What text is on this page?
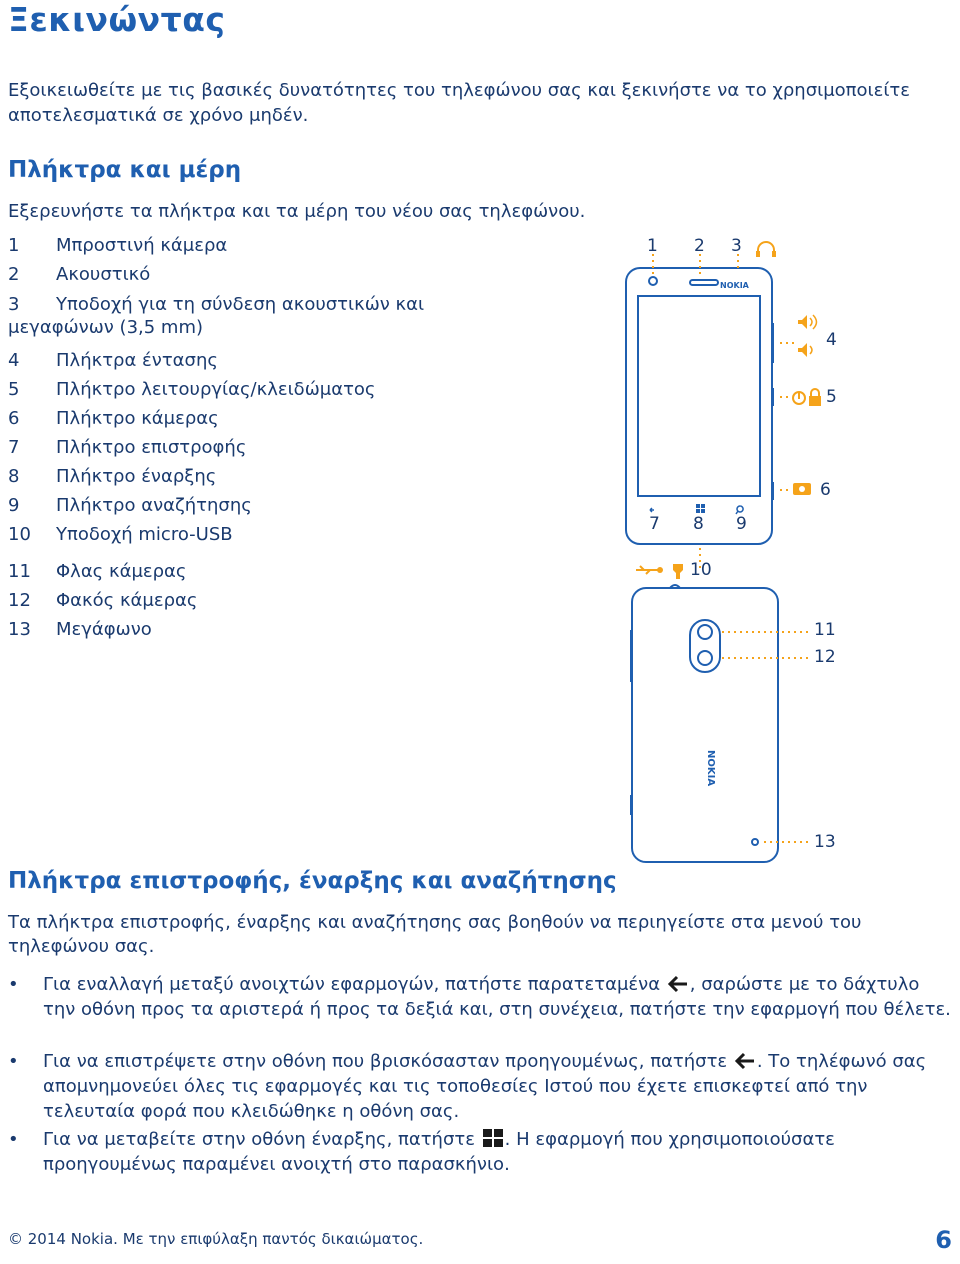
Ξεκινώντας
Εξοικειωθείτε με τις βασικές δυνατότητες του τηλεφώνου σας και ξεκινήστε να το χρησιμοποιείτε αποτελεσματικά σε χρόνο μηδέν.
Πλήκτρα και μέρη
Εξερευνήστε τα πλήκτρα και τα μέρη του νέου σας τηλεφώνου.
1 Μπροστινή κάμερα
2 Ακουστικό
3 Υποδοχή για τη σύνδεση ακουστικών και μεγαφώνων (3,5 mm)
4 Πλήκτρα έντασης
5 Πλήκτρο λειτουργίας/κλειδώματος
6 Πλήκτρο κάμερας
7 Πλήκτρο επιστροφής
8 Πλήκτρο έναρξης
9 Πλήκτρο αναζήτησης
10 Υποδοχή micro-USB
11 Φλας κάμερας
12 Φακός κάμερας
13 Μεγάφωνο
NOKIA
NOKIA
1 2 3
4
5
6
7 8 9
10
11
12
13
Πλήκτρα επιστροφής, έναρξης και αναζήτησης
Τα πλήκτρα επιστροφής, έναρξης και αναζήτησης σας βοηθούν να περιηγείστε στα μενού του τηλεφώνου σας.
• Για εναλλαγή μεταξύ ανοιχτών εφαρμογών, πατήστε παρατεταμένα , σαρώστε με το δάχτυλο την οθόνη προς τα αριστερά ή προς τα δεξιά και, στη συνέχεια, πατήστε την εφαρμογή που θέλετε.
• Για να επιστρέψετε στην οθόνη που βρισκόσασταν προηγουμένως, πατήστε . Το τηλέφωνό σας απομνημονεύει όλες τις εφαρμογές και τις τοποθεσίες Ιστού που έχετε επισκεφτεί από την τελευταία φορά που κλειδώθηκε η οθόνη σας.
• Για να μεταβείτε στην οθόνη έναρξης, πατήστε . Η εφαρμογή που χρησιμοποιούσατε προηγουμένως παραμένει ανοιχτή στο παρασκήνιο.
© 2014 Nokia. Με την επιφύλαξη παντός δικαιώματος.	6
